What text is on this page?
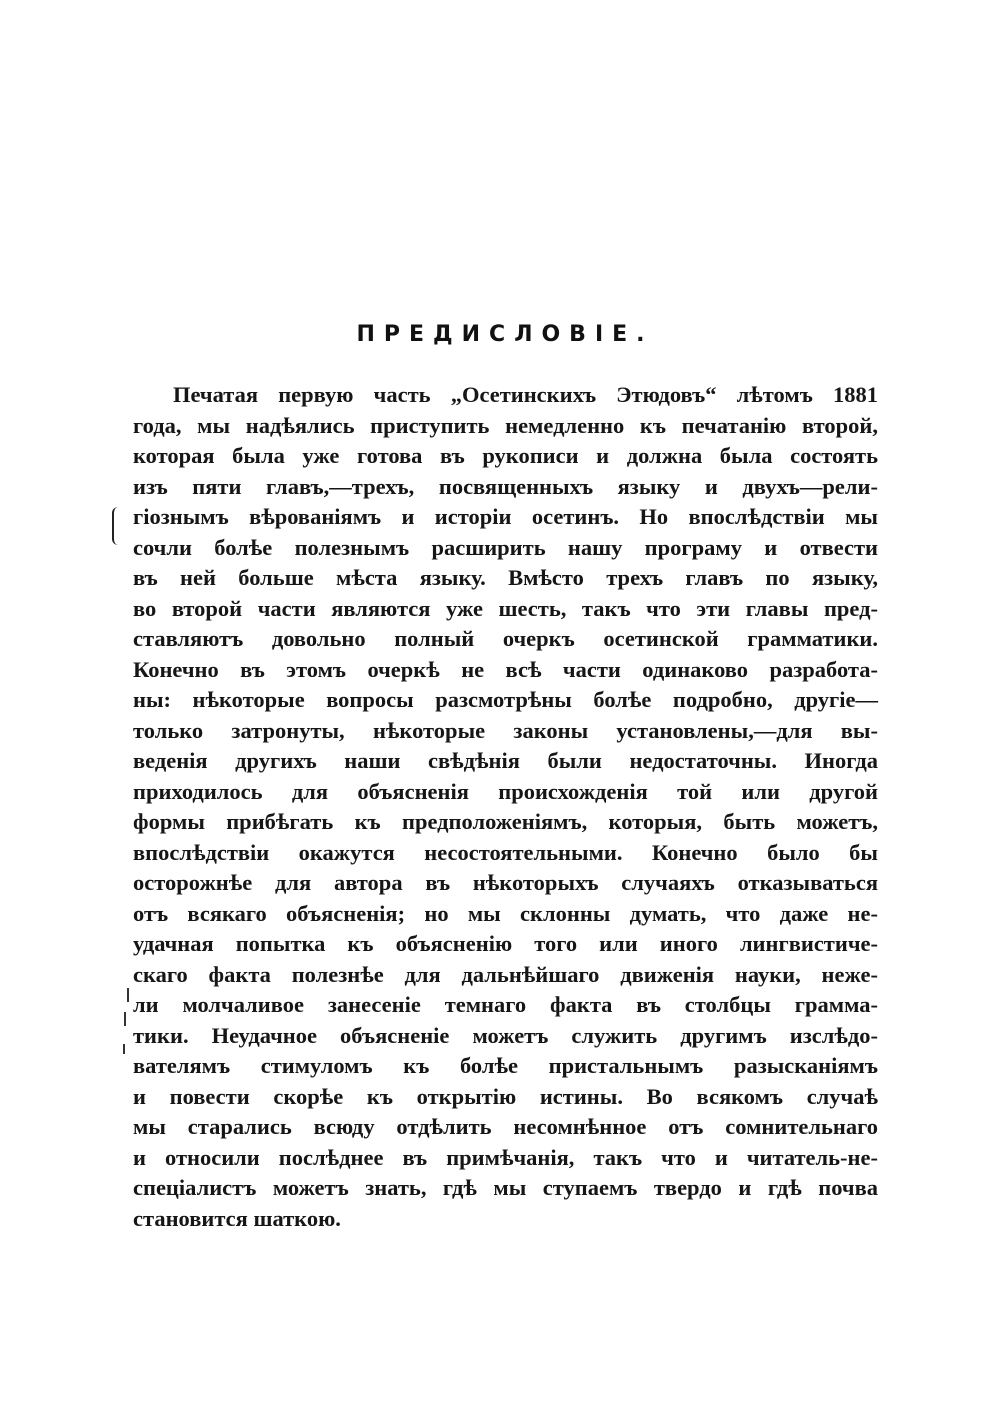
ПРЕДИСЛОВІЕ.
Печатая первую часть „Осетинскихъ Этюдовъ“ лѣтомъ 1881
года, мы надѣялись приступить немедленно къ печатанію второй,
которая была уже готова въ рукописи и должна была состоять
изъ пяти главъ,—трехъ, посвященныхъ языку и двухъ—рели-
гіознымъ вѣрованіямъ и исторіи осетинъ. Но впослѣдствіи мы
сочли болѣе полезнымъ расширить нашу програму и отвести
въ ней больше мѣста языку. Вмѣсто трехъ главъ по языку,
во второй части являются уже шесть, такъ что эти главы пред-
ставляютъ довольно полный очеркъ осетинской грамматики.
Конечно въ этомъ очеркѣ не всѣ части одинаково разработа-
ны: нѣкоторые вопросы разсмотрѣны болѣе подробно, другіе—
только затронуты, нѣкоторые законы установлены,—для вы-
веденія другихъ наши свѣдѣнія были недостаточны. Иногда
приходилось для объясненія происхожденія той или другой
формы прибѣгать къ предположеніямъ, которыя, быть можетъ,
впослѣдствіи окажутся несостоятельными. Конечно было бы
осторожнѣе для автора въ нѣкоторыхъ случаяхъ отказываться
отъ всякаго объясненія; но мы склонны думать, что даже не-
удачная попытка къ объясненію того или иного лингвистиче-
скаго факта полезнѣе для дальнѣйшаго движенія науки, неже-
ли молчаливое занесеніе темнаго факта въ столбцы грамма-
тики. Неудачное объясненіе можетъ служить другимъ изслѣдо-
вателямъ стимуломъ къ болѣе пристальнымъ разысканіямъ
и повести скорѣе къ открытію истины. Во всякомъ случаѣ
мы старались всюду отдѣлить несомнѣнное отъ сомнительнаго
и относили послѣднее въ примѣчанія, такъ что и читатель-не-
спеціалистъ можетъ знать, гдѣ мы ступаемъ твердо и гдѣ почва
становится шаткою.
